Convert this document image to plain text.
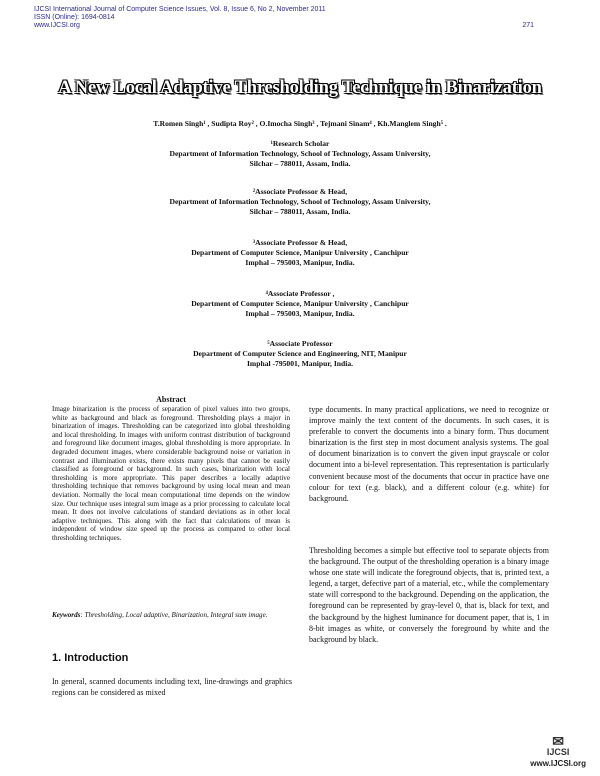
IJCSI International Journal of Computer Science Issues, Vol. 8, Issue 6, No 2, November 2011
ISSN (Online): 1694-0814
www.IJCSI.org	271
A New Local Adaptive Thresholding Technique in Binarization
T.Romen Singh¹ , Sudipta Roy² , O.Imocha Singh³ , Tejmani Sinam⁴ , Kh.Manglem Singh⁵ .
¹Research Scholar
Department of Information Technology, School of Technology, Assam University,
Silchar – 788011, Assam, India.
²Associate Professor & Head,
Department of Information Technology, School of Technology, Assam University,
Silchar – 788011, Assam, India.
³Associate Professor & Head,
Department of Computer Science, Manipur University , Canchipur
Imphal – 795003, Manipur, India.
⁴Associate Professor ,
Department of Computer Science, Manipur University , Canchipur
Imphal – 795003, Manipur, India.
⁵Associate Professor
Department of Computer Science and Engineering, NIT, Manipur
Imphal -795001, Manipur, India.
Abstract
Image binarization is the process of separation of pixel values into two groups, white as background and black as foreground. Thresholding plays a major in binarization of images. Thresholding can be categorized into global thresholding and local thresholding. In images with uniform contrast distribution of background and foreground like document images, global thresholding is more appropriate. In degraded document images, where considerable background noise or variation in contrast and illumination exists, there exists many pixels that cannot be easily classified as foreground or background. In such cases, binarization with local thresholding is more appropriate. This paper describes a locally adaptive thresholding technique that removes background by using local mean and mean deviation. Normally the local mean computational time depends on the window size. Our technique uses integral sum image as a prior processing to calculate local mean. It does not involve calculations of standard deviations as in other local adaptive techniques. This along with the fact that calculations of mean is independent of window size speed up the process as compared to other local thresholding techniques.
Keywords: Thresholding, Local adaptive, Binarization, Integral sum image.
1. Introduction
In general, scanned documents including text, line-drawings and graphics regions can be considered as mixed
type documents. In many practical applications, we need to recognize or improve mainly the text content of the documents. In such cases, it is preferable to convert the documents into a binary form. Thus document binarization is the first step in most document analysis systems. The goal of document binarization is to convert the given input grayscale or color document into a bi-level representation. This representation is particularly convenient because most of the documents that occur in practice have one colour for text (e.g. black), and a different colour (e.g. white) for background.
Thresholding becomes a simple but effective tool to separate objects from the background. The output of the thresholding operation is a binary image whose one state will indicate the foreground objects, that is, printed text, a legend, a target, defective part of a material, etc., while the complementary state will correspond to the background. Depending on the application, the foreground can be represented by gray-level 0, that is, black for text, and the background by the highest luminance for document paper, that is, 1 in 8-bit images as white, or conversely the foreground by white and the background by black.
✉
IJCSI
www.IJCSI.org
